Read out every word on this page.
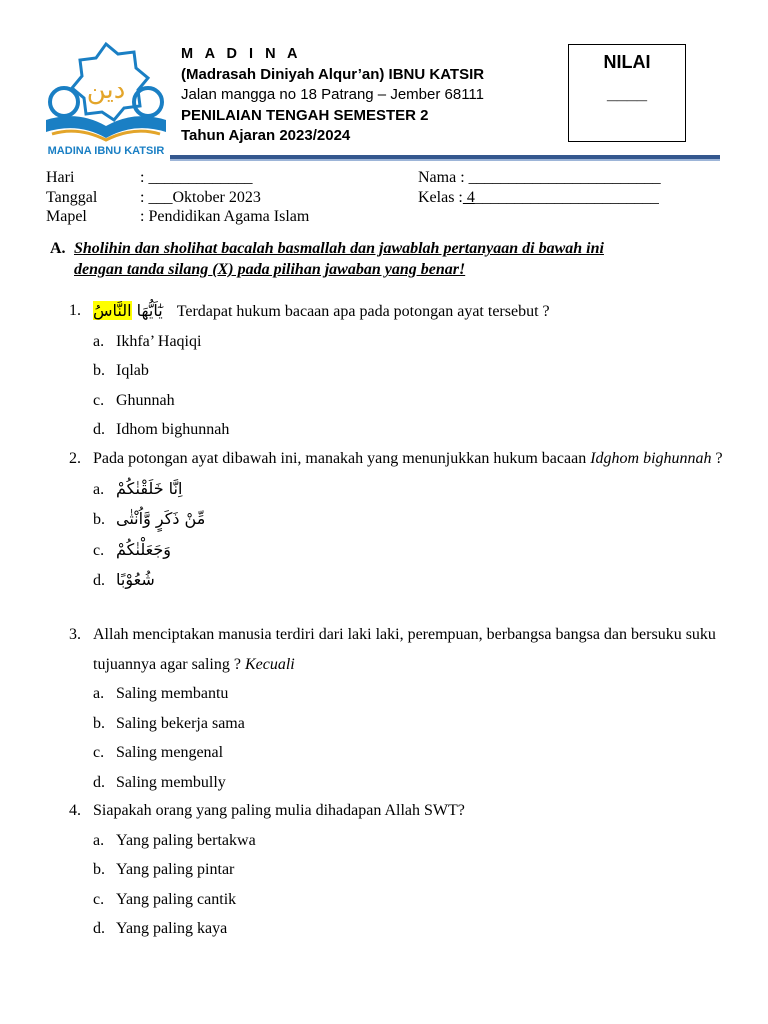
دين
MADINA IBNU KATSIR
M A D I N A
(Madrasah Diniyah Alqur’an) IBNU KATSIR
Jalan mangga no 18 Patrang – Jember 68111
PENILAIAN TENGAH SEMESTER 2
Tahun Ajaran 2023/2024
NILAI
____
Hari	: _____________
Tanggal	: ___Oktober 2023
Mapel	: Pendidikan Agama Islam
Nama : ________________________
Kelas : 4_______________________
A. Sholihin dan sholihat bacalah basmallah dan jawablah pertanyaan di bawah ini
dengan tanda silang (X) pada pilihan jawaban yang benar!
1.	يٰٓاَيُّهَا النَّاسُ	Terdapat hukum bacaan apa pada potongan ayat tersebut ?
a. Ikhfa’ Haqiqi
b. Iqlab
c. Ghunnah
d. Idhom bighunnah
2. Pada potongan ayat dibawah ini, manakah yang menunjukkan hukum bacaan Idghom bighunnah ?
a. اِنَّا خَلَقْنٰكُمْ
b. مِّنْ ذَكَرٍ وَّاُنْثٰى
c. وَجَعَلْنٰكُمْ
d. شُعُوْبًا
3. Allah menciptakan manusia terdiri dari laki laki, perempuan, berbangsa bangsa dan bersuku suku tujuannya agar saling ? Kecuali
a. Saling membantu
b. Saling bekerja sama
c. Saling mengenal
d. Saling membully
4. Siapakah orang yang paling mulia dihadapan Allah SWT?
a. Yang paling bertakwa
b. Yang paling pintar
c. Yang paling cantik
d. Yang paling kaya
